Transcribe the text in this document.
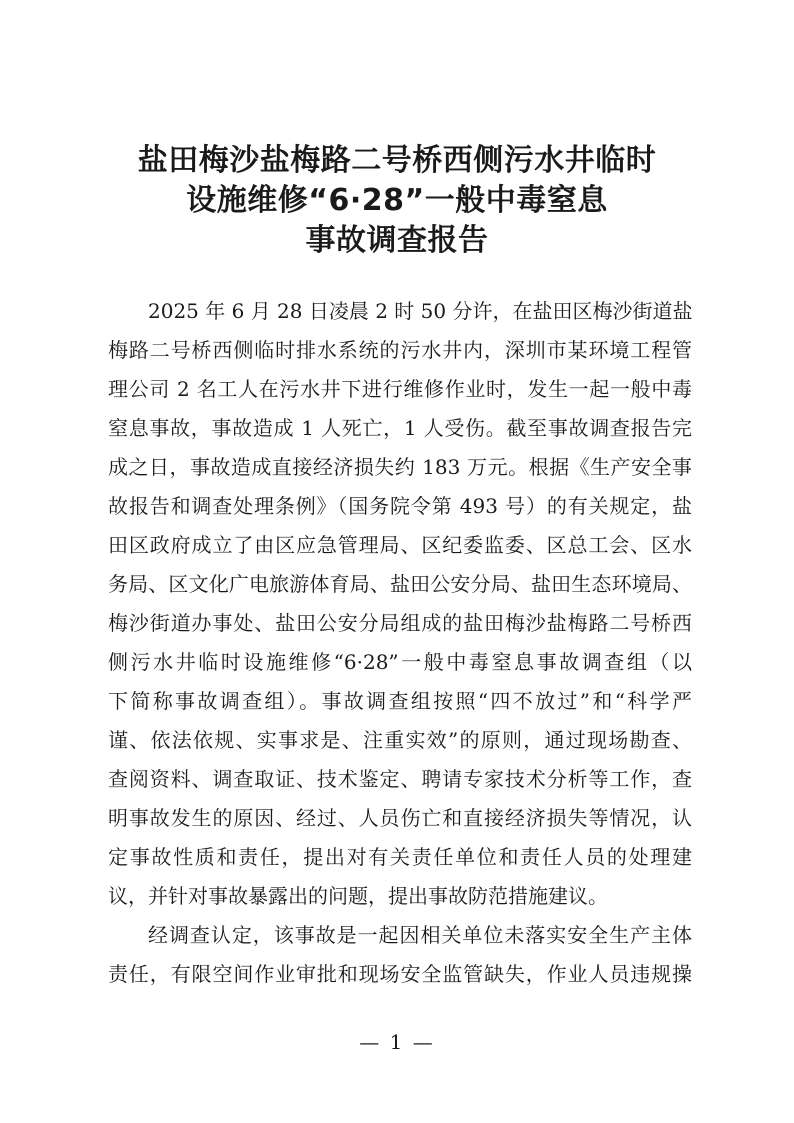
盐田梅沙盐梅路二号桥西侧污水井临时
设施维修“6·28”一般中毒窒息
事故调查报告
2025 年 6 月 28 日凌晨 2 时 50 分许，在盐田区梅沙街道盐
梅路二号桥西侧临时排水系统的污水井内，深圳市某环境工程管
理公司 2 名工人在污水井下进行维修作业时，发生一起一般中毒
窒息事故，事故造成 1 人死亡，1 人受伤。截至事故调查报告完
成之日，事故造成直接经济损失约 183 万元。根据《生产安全事
故报告和调查处理条例》（国务院令第 493 号）的有关规定，盐
田区政府成立了由区应急管理局、区纪委监委、区总工会、区水
务局、区文化广电旅游体育局、盐田公安分局、盐田生态环境局、
梅沙街道办事处、盐田公安分局组成的盐田梅沙盐梅路二号桥西
侧污水井临时设施维修“6·28”一般中毒窒息事故调查组（以
下简称事故调查组）。事故调查组按照“四不放过”和“科学严
谨、依法依规、实事求是、注重实效”的原则，通过现场勘查、
查阅资料、调查取证、技术鉴定、聘请专家技术分析等工作，查
明事故发生的原因、经过、人员伤亡和直接经济损失等情况，认
定事故性质和责任，提出对有关责任单位和责任人员的处理建
议，并针对事故暴露出的问题，提出事故防范措施建议。
经调查认定，该事故是一起因相关单位未落实安全生产主体
责任，有限空间作业审批和现场安全监管缺失，作业人员违规操
— 1 —
